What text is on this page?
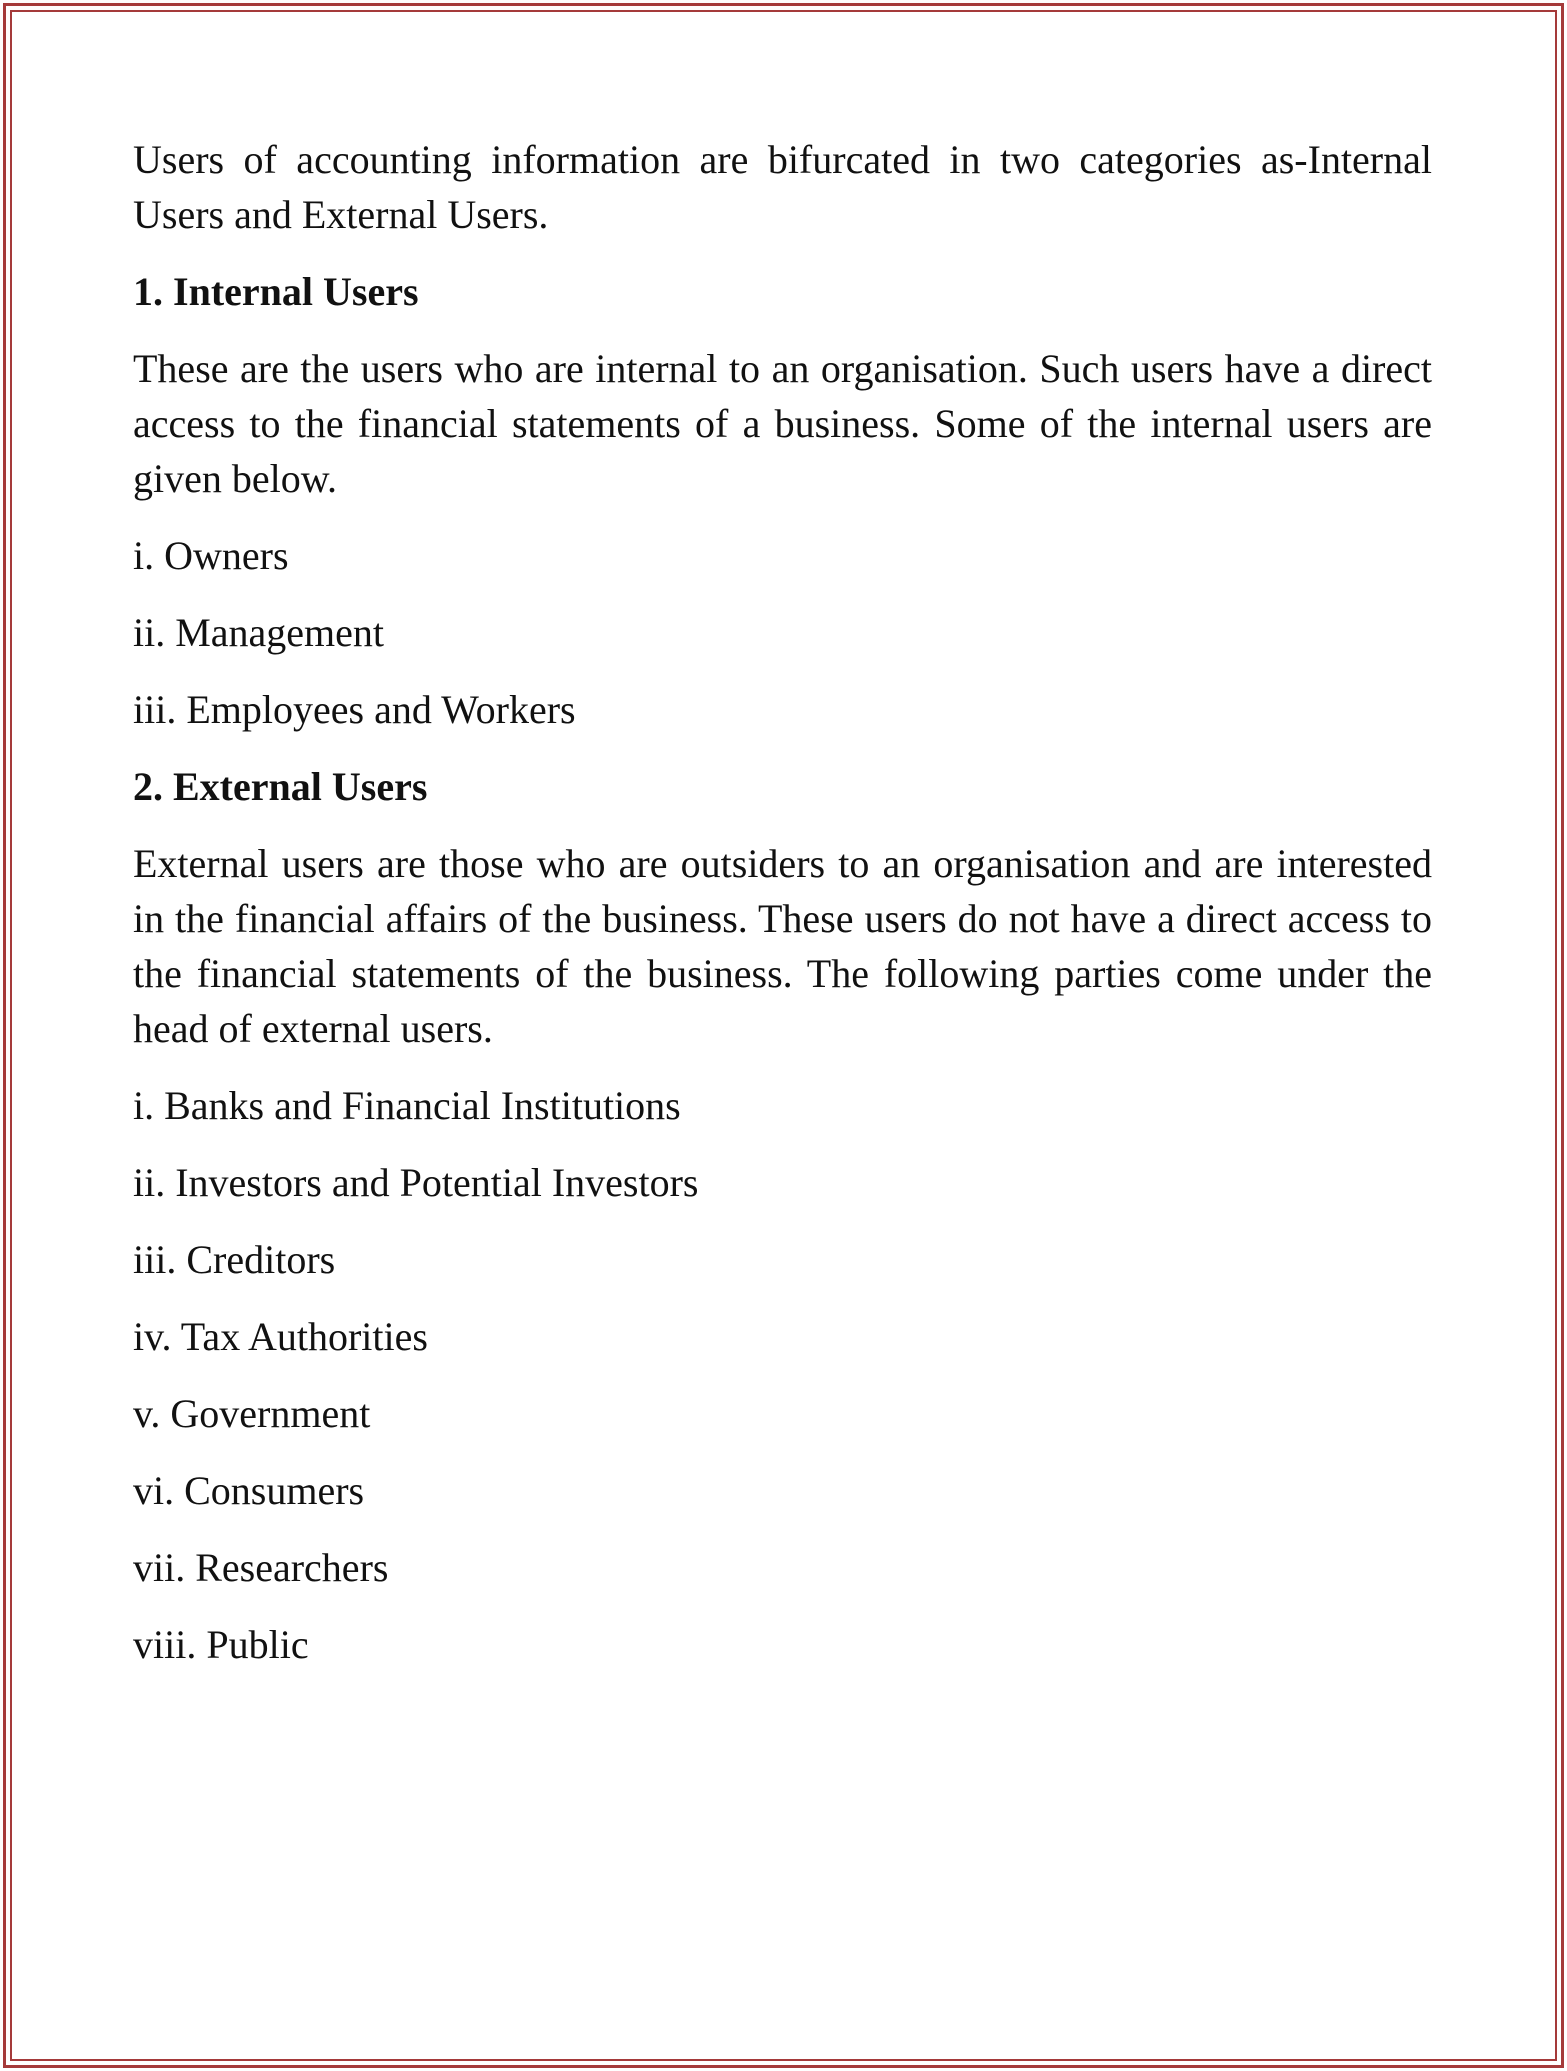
Users of accounting information are bifurcated in two categories as-Internal Users and External Users.

1. Internal Users

These are the users who are internal to an organisation. Such users have a direct access to the financial statements of a business. Some of the internal users are given below.

i. Owners
ii. Management
iii. Employees and Workers
2. External Users

External users are those who are outsiders to an organisation and are interested in the financial affairs of the business. These users do not have a direct access to the financial statements of the business. The following parties come under the head of external users.

i. Banks and Financial Institutions
ii. Investors and Potential Investors
iii. Creditors
iv. Tax Authorities
v. Government
vi. Consumers
vii. Researchers
viii. Public
